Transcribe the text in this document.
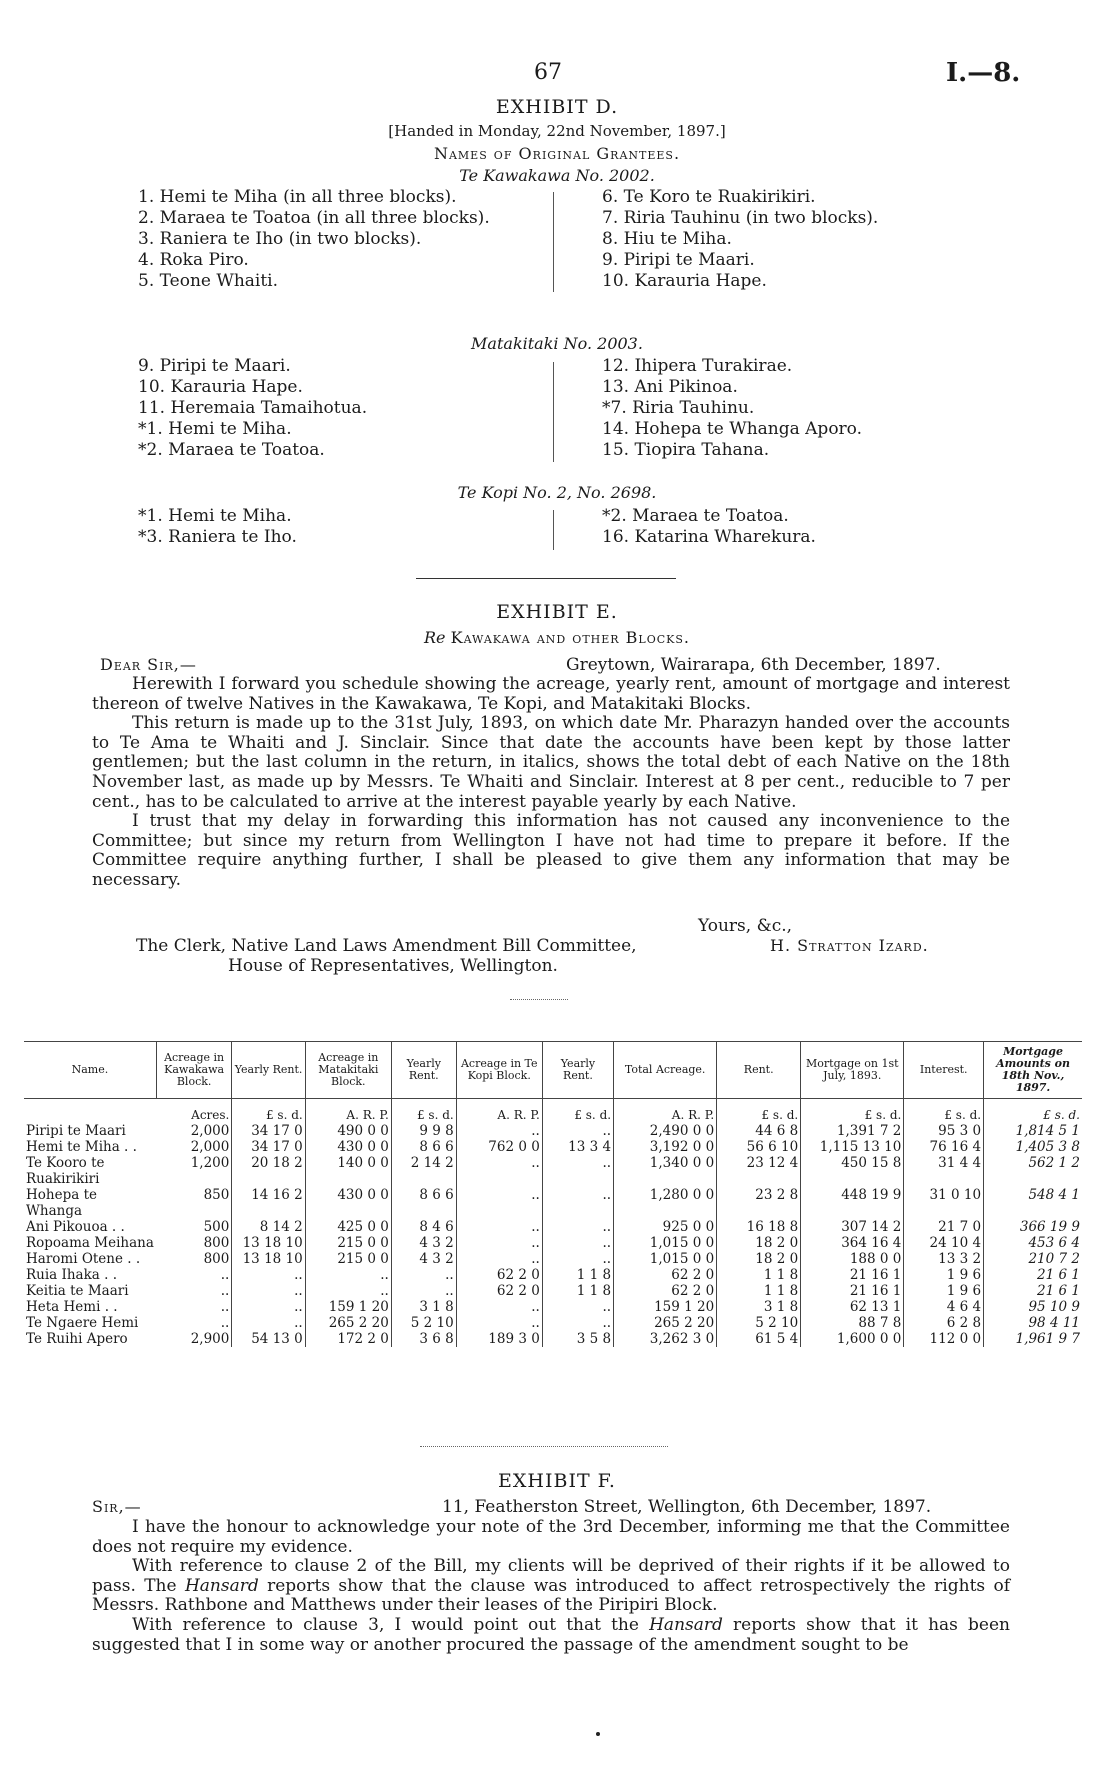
67	I.—8.
EXHIBIT D.
[Handed in Monday, 22nd November, 1897.]
Names of Original Grantees.
Te Kawakawa No. 2002.
1. Hemi te Miha (in all three blocks).
2. Maraea te Toatoa (in all three blocks).
3. Raniera te Iho (in two blocks).
4. Roka Piro.
5. Teone Whaiti.
6. Te Koro te Ruakirikiri.
7. Riria Tauhinu (in two blocks).
8. Hiu te Miha.
9. Piripi te Maari.
10. Karauria Hape.
Matakitaki No. 2003.
9. Piripi te Maari.
10. Karauria Hape.
11. Heremaia Tamaihotua.
*1. Hemi te Miha.
*2. Maraea te Toatoa.
12. Ihipera Turakirae.
13. Ani Pikinoa.
*7. Riria Tauhinu.
14. Hohepa te Whanga Aporo.
15. Tiopira Tahana.
Te Kopi No. 2, No. 2698.
*1. Hemi te Miha.
*3. Raniera te Iho.
*2. Maraea te Toatoa.
16. Katarina Wharekura.
EXHIBIT E.
Re Kawakawa and other Blocks.
Dear Sir,—	Greytown, Wairarapa, 6th December, 1897.

Herewith I forward you schedule showing the acreage, yearly rent, amount of mortgage and interest thereon of twelve Natives in the Kawakawa, Te Kopi, and Matakitaki Blocks.

This return is made up to the 31st July, 1893, on which date Mr. Pharazyn handed over the accounts to Te Ama te Whaiti and J. Sinclair. Since that date the accounts have been kept by those latter gentlemen; but the last column in the return, in italics, shows the total debt of each Native on the 18th November last, as made up by Messrs. Te Whaiti and Sinclair. Interest at 8 per cent., reducible to 7 per cent., has to be calculated to arrive at the interest payable yearly by each Native.

I trust that my delay in forwarding this information has not caused any inconvenience to the Committee; but since my return from Wellington I have not had time to prepare it before. If the Committee require anything further, I shall be pleased to give them any information that may be necessary.

Yours, &c.,
The Clerk, Native Land Laws Amendment Bill Committee,	H. Stratton Izard.
House of Representatives, Wellington.
Name.	Acreage in Kawakawa Block.	Yearly Rent.	Acreage in Matakitaki Block.	Yearly Rent.	Acreage in Te Kopi Block.	Yearly Rent.	Total Acreage.	Rent.	Mortgage on 1st July, 1893.	Interest.	Mortgage Amounts on 18th Nov., 1897.
	Acres.	£ s. d.	A. R. P.	£ s. d.	A. R. P.	£ s. d.	A. R. P.	£ s. d.	£ s. d.	£ s. d.	£ s. d.
Piripi te Maari	2,000	34 17 0	490 0 0	9 9 8	..	..	2,490 0 0	44 6 8	1,391 7 2	95 3 0	1,814 5 1
Hemi te Miha . .	2,000	34 17 0	430 0 0	8 6 6	762 0 0	13 3 4	3,192 0 0	56 6 10	1,115 13 10	76 16 4	1,405 3 8
Te Kooro te Ruakirikiri	1,200	20 18 2	140 0 0	2 14 2	..	..	1,340 0 0	23 12 4	450 15 8	31 4 4	562 1 2
Hohepa te Whanga	850	14 16 2	430 0 0	8 6 6	..	..	1,280 0 0	23 2 8	448 19 9	31 0 10	548 4 1
Ani Pikouoa . .	500	8 14 2	425 0 0	8 4 6	..	..	925 0 0	16 18 8	307 14 2	21 7 0	366 19 9
Ropoama Meihana	800	13 18 10	215 0 0	4 3 2	..	..	1,015 0 0	18 2 0	364 16 4	24 10 4	453 6 4
Haromi Otene . .	800	13 18 10	215 0 0	4 3 2	..	..	1,015 0 0	18 2 0	188 0 0	13 3 2	210 7 2
Ruia Ihaka . .	..	..	..	..	62 2 0	1 1 8	62 2 0	1 1 8	21 16 1	1 9 6	21 6 1
Keitia te Maari	..	..	..	..	62 2 0	1 1 8	62 2 0	1 1 8	21 16 1	1 9 6	21 6 1
Heta Hemi . .	..	..	159 1 20	3 1 8	..	..	159 1 20	3 1 8	62 13 1	4 6 4	95 10 9
Te Ngaere Hemi	..	..	265 2 20	5 2 10	..	..	265 2 20	5 2 10	88 7 8	6 2 8	98 4 11
Te Ruihi Apero	2,900	54 13 0	172 2 0	3 6 8	189 3 0	3 5 8	3,262 3 0	61 5 4	1,600 0 0	112 0 0	1,961 9 7
EXHIBIT F.
Sir,—	11, Featherston Street, Wellington, 6th December, 1897.

I have the honour to acknowledge your note of the 3rd December, informing me that the Committee does not require my evidence.

With reference to clause 2 of the Bill, my clients will be deprived of their rights if it be allowed to pass. The Hansard reports show that the clause was introduced to affect retrospectively the rights of Messrs. Rathbone and Matthews under their leases of the Piripiri Block.

With reference to clause 3, I would point out that the Hansard reports show that it has been suggested that I in some way or another procured the passage of the amendment sought to be
